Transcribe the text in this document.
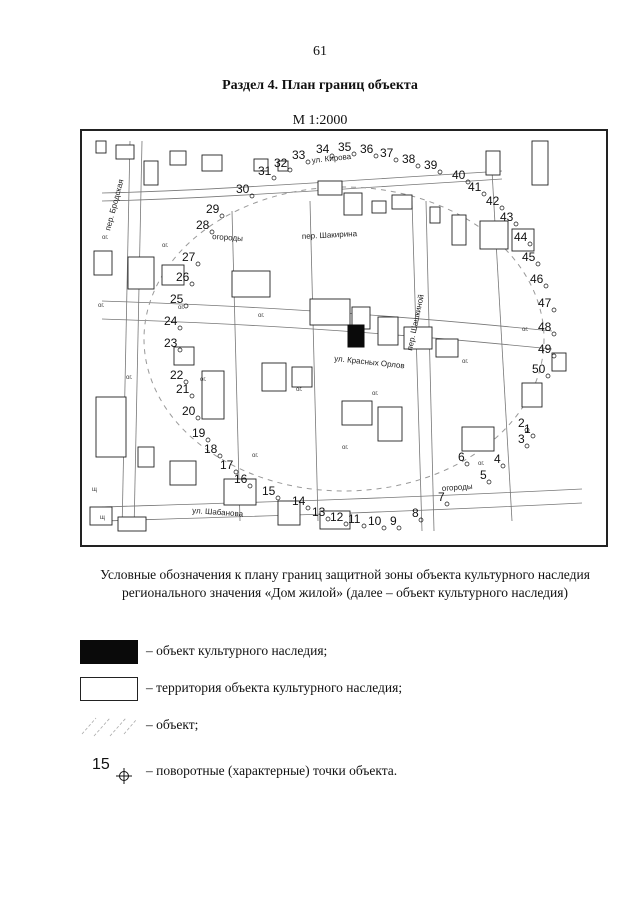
61
Раздел 4. План границ объекта
М 1:2000
ул. Кирова
пер. Шакирина
пер. Бродская
огороды
ул. Красных Орлов
пер. Шашкиной
огороды
ул. Шабанова
ог.
ог.
ог.	ог.
ог.
ог.	ог.
ог.
ог.
ог.
ог.
ог.
ог.
ог.
щ
щ
1
2
3
4
5
6
7
8
9
10
11
12
13
14
15
16
17
18
19
20
21
22
23
24
25
26
27
28
29
30
31
32
33 34 35 36 37 38 39
40
41
42
43
44
45
46
47
48
49
50
Условные обозначения к плану границ защитной зоны объекта культурного наследия регионального значения «Дом жилой» (далее – объект культурного наследия)
– объект культурного наследия;
– территория объекта культурного наследия;
– объект;
15	– поворотные (характерные) точки объекта.
